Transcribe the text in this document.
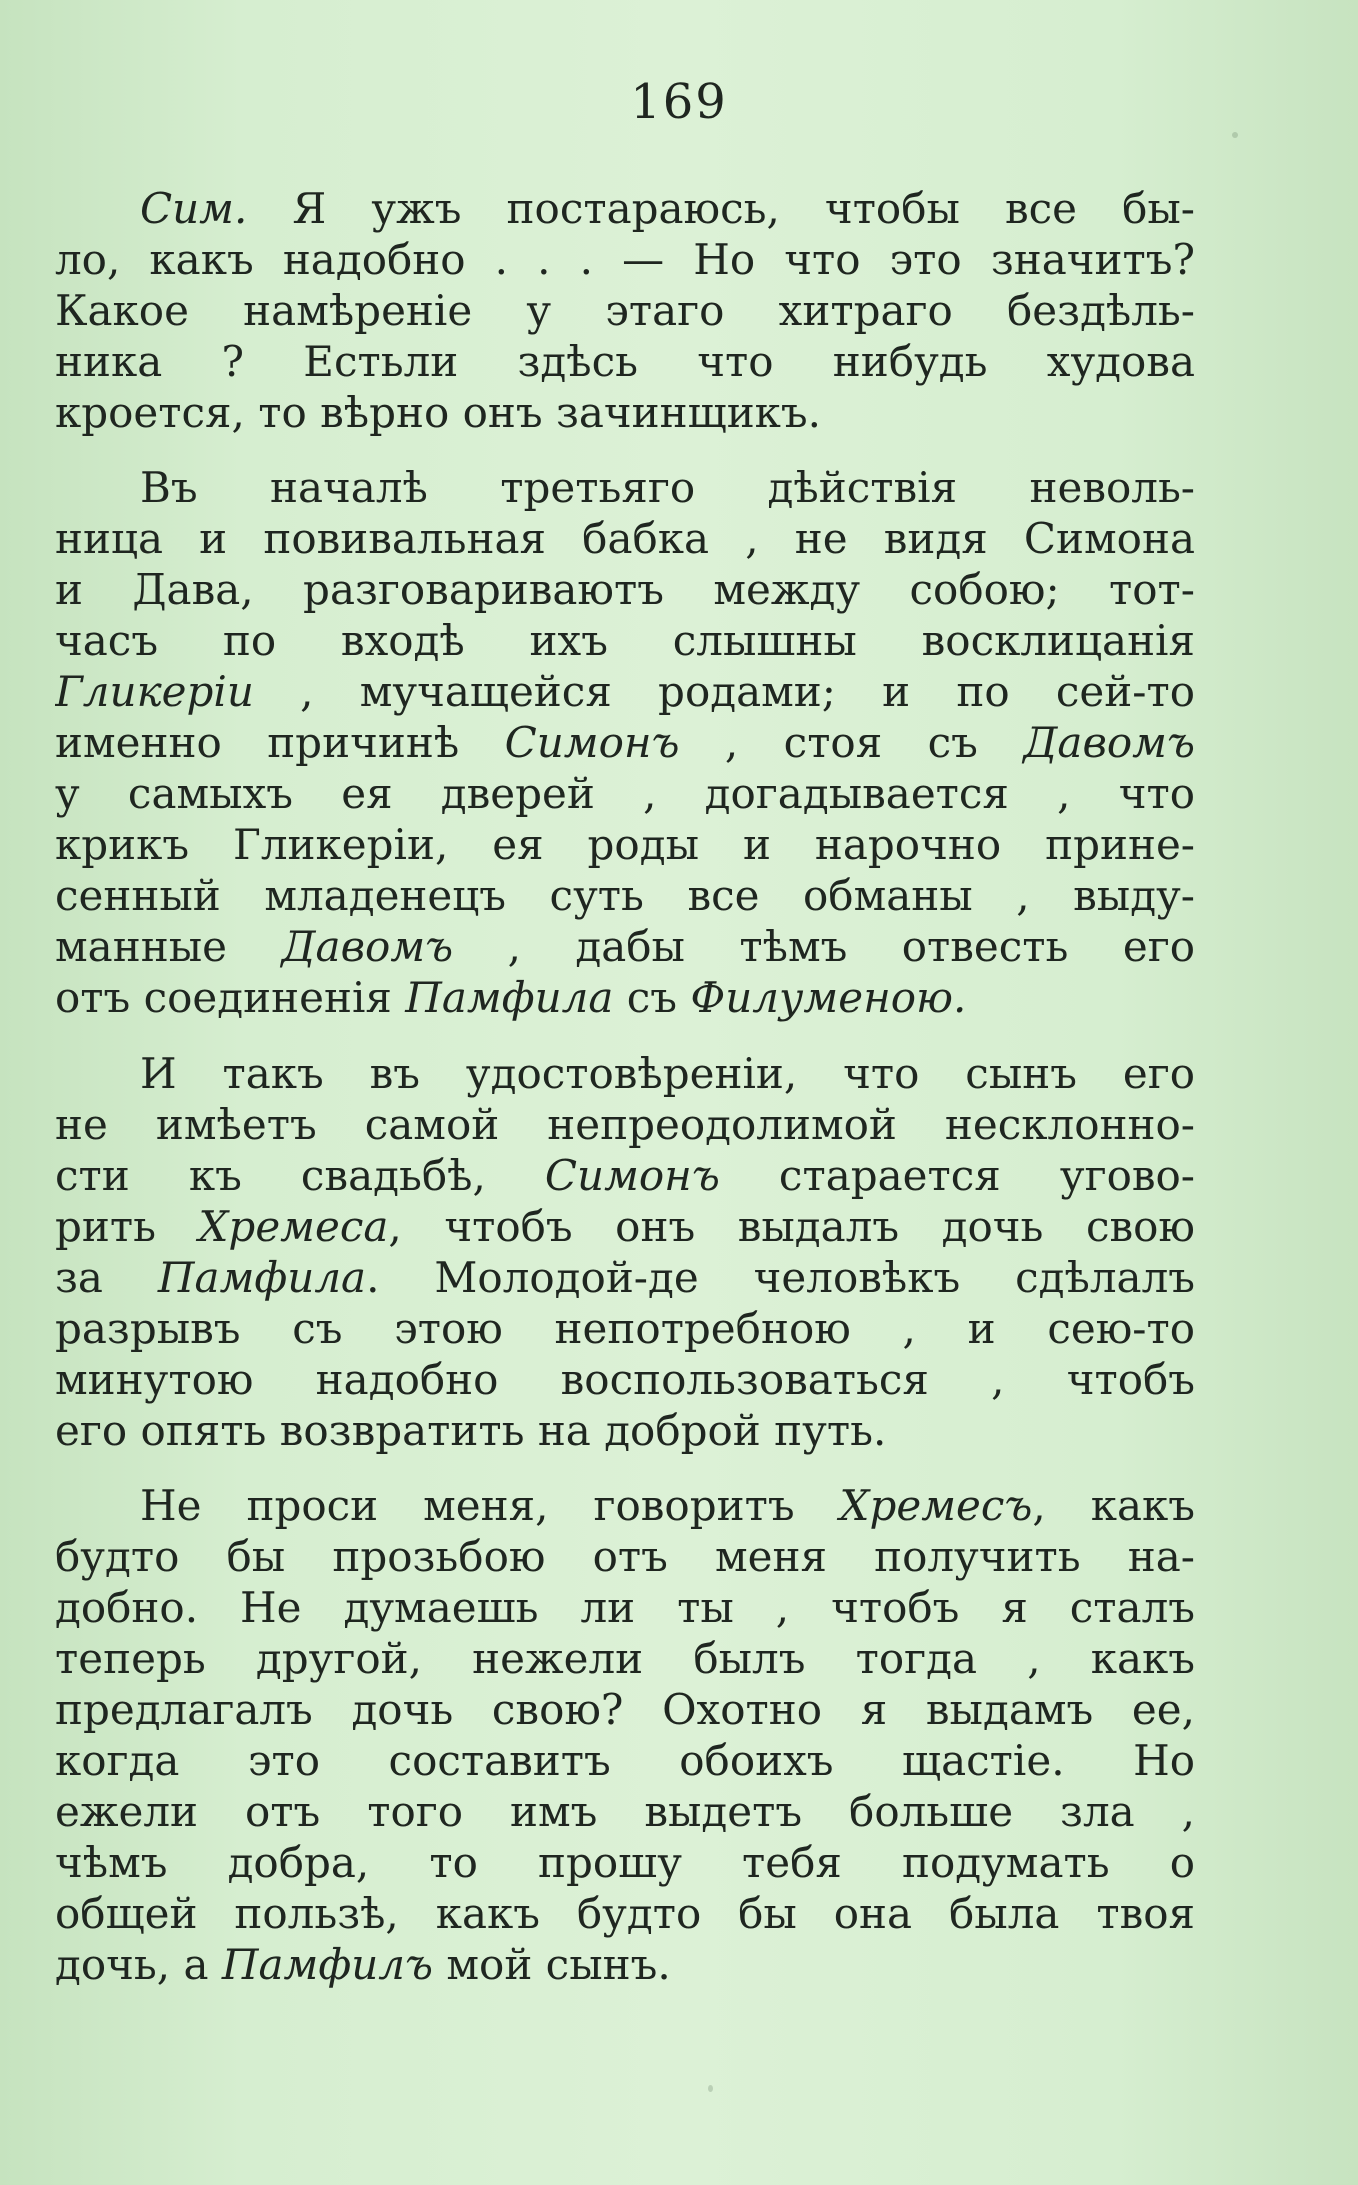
169
Сим. Я ужъ постараюсь, чтобы все бы-
ло, какъ надобно . . . — Но что это значитъ?
Какое намѣреніе у этаго хитраго бездѣль-
ника ? Естьли здѣсь что нибудь худова
кроется, то вѣрно онъ зачинщикъ.
Въ началѣ третьяго дѣйствія неволь-
ница и повивальная бабка , не видя Симона
и Дава, разговариваютъ между собою; тот-
часъ по входѣ ихъ слышны восклицанія
Гликеріи , мучащейся родами; и по сей-то
именно причинѣ Симонъ , стоя съ Давомъ
у самыхъ ея дверей , догадывается , что
крикъ Гликеріи, ея роды и нарочно прине-
сенный младенецъ суть все обманы , выду-
манные Давомъ , дабы тѣмъ отвесть его
отъ соединенія Памфила съ Филуменою.
И такъ въ удостовѣреніи, что сынъ его
не имѣетъ самой непреодолимой несклонно-
сти къ свадьбѣ, Симонъ старается угово-
рить Хремеса, чтобъ онъ выдалъ дочь свою
за Памфила. Молодой-де человѣкъ сдѣлалъ
разрывъ съ этою непотребною , и сею-то
минутою надобно воспользоваться , чтобъ
его опять возвратить на доброй путь.
Не проси меня, говоритъ Хремесъ, какъ
будто бы прозьбою отъ меня получить на-
добно. Не думаешь ли ты , чтобъ я сталъ
теперь другой, нежели былъ тогда , какъ
предлагалъ дочь свою? Охотно я выдамъ ее,
когда это составитъ обоихъ щастіе. Но
ежели отъ того имъ выдетъ больше зла ,
чѣмъ добра, то прошу тебя подумать о
общей пользѣ, какъ будто бы она была твоя
дочь, а Памфилъ мой сынъ.
